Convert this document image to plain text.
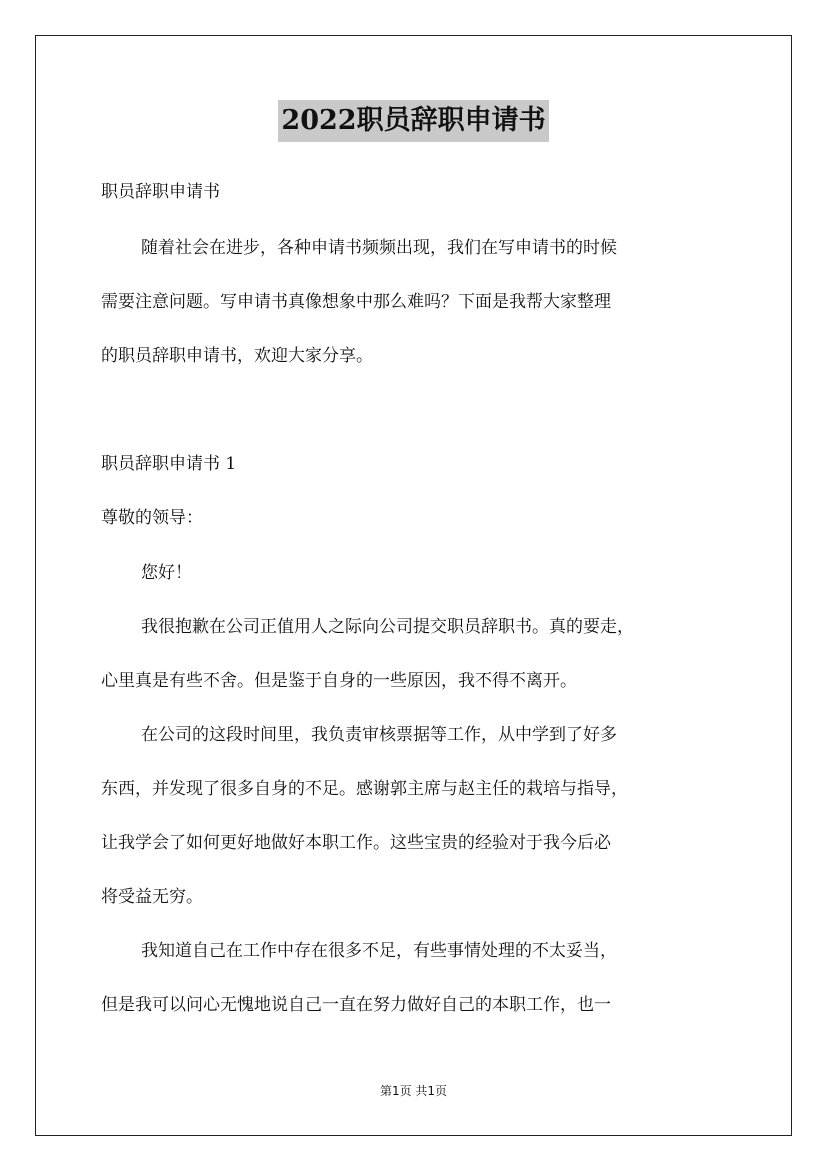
2022职员辞职申请书
职员辞职申请书
随着社会在进步，各种申请书频频出现，我们在写申请书的时候
需要注意问题。写申请书真像想象中那么难吗？下面是我帮大家整理
的职员辞职申请书，欢迎大家分享。
职员辞职申请书 1
尊敬的领导：
您好！
我很抱歉在公司正值用人之际向公司提交职员辞职书。真的要走，
心里真是有些不舍。但是鉴于自身的一些原因，我不得不离开。
在公司的这段时间里，我负责审核票据等工作，从中学到了好多
东西，并发现了很多自身的不足。感谢郭主席与赵主任的栽培与指导，
让我学会了如何更好地做好本职工作。这些宝贵的经验对于我今后必
将受益无穷。
我知道自己在工作中存在很多不足，有些事情处理的不太妥当，
但是我可以问心无愧地说自己一直在努力做好自己的本职工作，也一
第1页 共1页
